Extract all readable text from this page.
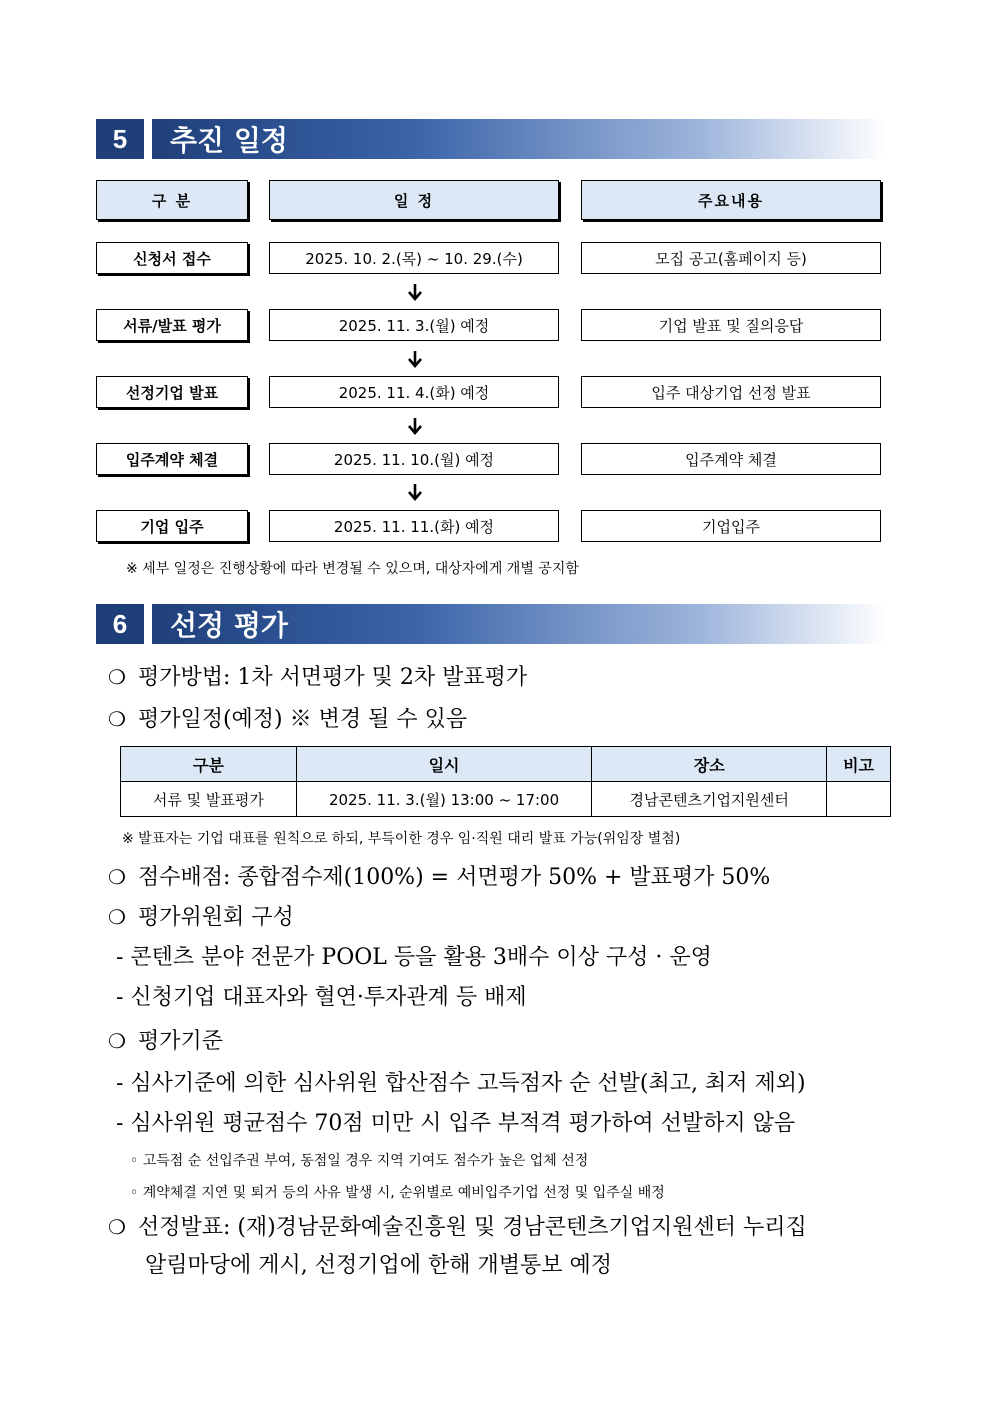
5	추진 일정
구 분	일 정	주요내용
신청서 접수	2025. 10. 2.(목) ~ 10. 29.(수)	모집 공고(홈페이지 등)
서류/발표 평가	2025. 11. 3.(월) 예정	기업 발표 및 질의응답
선정기업 발표	2025. 11. 4.(화) 예정	입주 대상기업 선정 발표
입주계약 체결	2025. 11. 10.(월) 예정	입주계약 체결
기업 입주	2025. 11. 11.(화) 예정	기업입주
※ 세부 일정은 진행상황에 따라 변경될 수 있으며, 대상자에게 개별 공지함
6	선정 평가
❍ 평가방법: 1차 서면평가 및 2차 발표평가
❍ 평가일정(예정) ※ 변경 될 수 있음
구분	일시	장소	비고
서류 및 발표평가	2025. 11. 3.(월) 13:00 ~ 17:00	경남콘텐츠기업지원센터	
※ 발표자는 기업 대표를 원칙으로 하되, 부득이한 경우 임·직원 대리 발표 가능(위임장 별첨)
❍ 점수배점: 종합점수제(100%) = 서면평가 50% + 발표평가 50%
❍ 평가위원회 구성
- 콘텐츠 분야 전문가 POOL 등을 활용 3배수 이상 구성 · 운영
- 신청기업 대표자와 혈연·투자관계 등 배제
❍ 평가기준
- 심사기준에 의한 심사위원 합산점수 고득점자 순 선발(최고, 최저 제외)
- 심사위원 평균점수 70점 미만 시 입주 부적격 평가하여 선발하지 않음
◦ 고득점 순 선입주권 부여, 동점일 경우 지역 기여도 점수가 높은 업체 선정
◦ 계약체결 지연 및 퇴거 등의 사유 발생 시, 순위별로 예비입주기업 선정 및 입주실 배정
❍ 선정발표: (재)경남문화예술진흥원 및 경남콘텐츠기업지원센터 누리집
알림마당에 게시, 선정기업에 한해 개별통보 예정
